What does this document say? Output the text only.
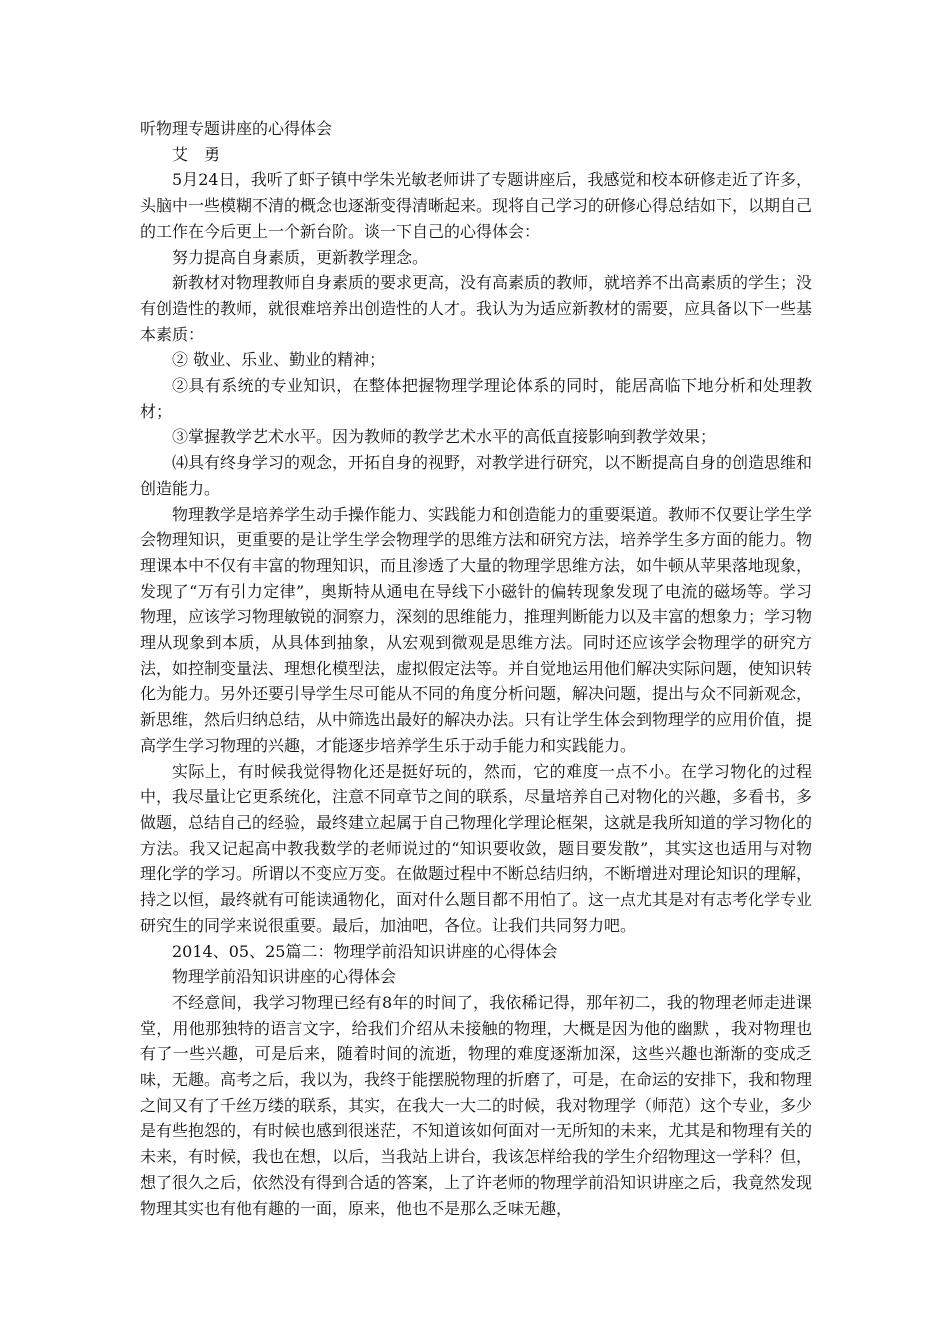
听物理专题讲座的心得体会

艾　勇

5月24日，我听了虾子镇中学朱光敏老师讲了专题讲座后，我感觉和校本研修走近了许多，头脑中一些模糊不清的概念也逐渐变得清晰起来。现将自己学习的研修心得总结如下，以期自己的工作在今后更上一个新台阶。谈一下自己的心得体会：

努力提高自身素质，更新教学理念。

新教材对物理教师自身素质的要求更高，没有高素质的教师，就培养不出高素质的学生；没有创造性的教师，就很难培养出创造性的人才。我认为为适应新教材的需要，应具备以下一些基本素质：

② 敬业、乐业、勤业的精神；

②具有系统的专业知识，在整体把握物理学理论体系的同时，能居高临下地分析和处理教材；

③掌握教学艺术水平。因为教师的教学艺术水平的高低直接影响到教学效果；

⑷具有终身学习的观念，开拓自身的视野，对教学进行研究，以不断提高自身的创造思维和创造能力。

物理教学是培养学生动手操作能力、实践能力和创造能力的重要渠道。教师不仅要让学生学会物理知识，更重要的是让学生学会物理学的思维方法和研究方法，培养学生多方面的能力。物理课本中不仅有丰富的物理知识，而且渗透了大量的物理学思维方法，如牛顿从苹果落地现象，发现了“万有引力定律”，奥斯特从通电在导线下小磁针的偏转现象发现了电流的磁场等。学习物理，应该学习物理敏锐的洞察力，深刻的思维能力，推理判断能力以及丰富的想象力；学习物理从现象到本质，从具体到抽象，从宏观到微观是思维方法。同时还应该学会物理学的研究方法，如控制变量法、理想化模型法，虚拟假定法等。并自觉地运用他们解决实际问题，使知识转化为能力。另外还要引导学生尽可能从不同的角度分析问题，解决问题，提出与众不同新观念，新思维，然后归纳总结，从中筛选出最好的解决办法。只有让学生体会到物理学的应用价值，提高学生学习物理的兴趣，才能逐步培养学生乐于动手能力和实践能力。

实际上，有时候我觉得物化还是挺好玩的，然而，它的难度一点不小。在学习物化的过程中，我尽量让它更系统化，注意不同章节之间的联系，尽量培养自己对物化的兴趣，多看书，多做题，总结自己的经验，最终建立起属于自己物理化学理论框架，这就是我所知道的学习物化的方法。我又记起高中教我数学的老师说过的“知识要收敛，题目要发散”，其实这也适用与对物理化学的学习。所谓以不变应万变。在做题过程中不断总结归纳，不断增进对理论知识的理解，持之以恒，最终就有可能读通物化，面对什么题目都不用怕了。这一点尤其是对有志考化学专业研究生的同学来说很重要。最后，加油吧，各位。让我们共同努力吧。

2014、05、25篇二：物理学前沿知识讲座的心得体会

物理学前沿知识讲座的心得体会

不经意间，我学习物理已经有8年的时间了，我依稀记得，那年初二，我的物理老师走进课堂，用他那独特的语言文字，给我们介绍从未接触的物理，大概是因为他的幽默 ，我对物理也有了一些兴趣，可是后来，随着时间的流逝，物理的难度逐渐加深，这些兴趣也渐渐的变成乏味，无趣。高考之后，我以为，我终于能摆脱物理的折磨了，可是，在命运的安排下，我和物理之间又有了千丝万缕的联系，其实，在我大一大二的时候，我对物理学（师范）这个专业，多少是有些抱怨的，有时候也感到很迷茫，不知道该如何面对一无所知的未来，尤其是和物理有关的未来，有时候，我也在想，以后，当我站上讲台，我该怎样给我的学生介绍物理这一学科？但，想了很久之后，依然没有得到合适的答案，上了许老师的物理学前沿知识讲座之后，我竟然发现物理其实也有他有趣的一面，原来，他也不是那么乏味无趣，
